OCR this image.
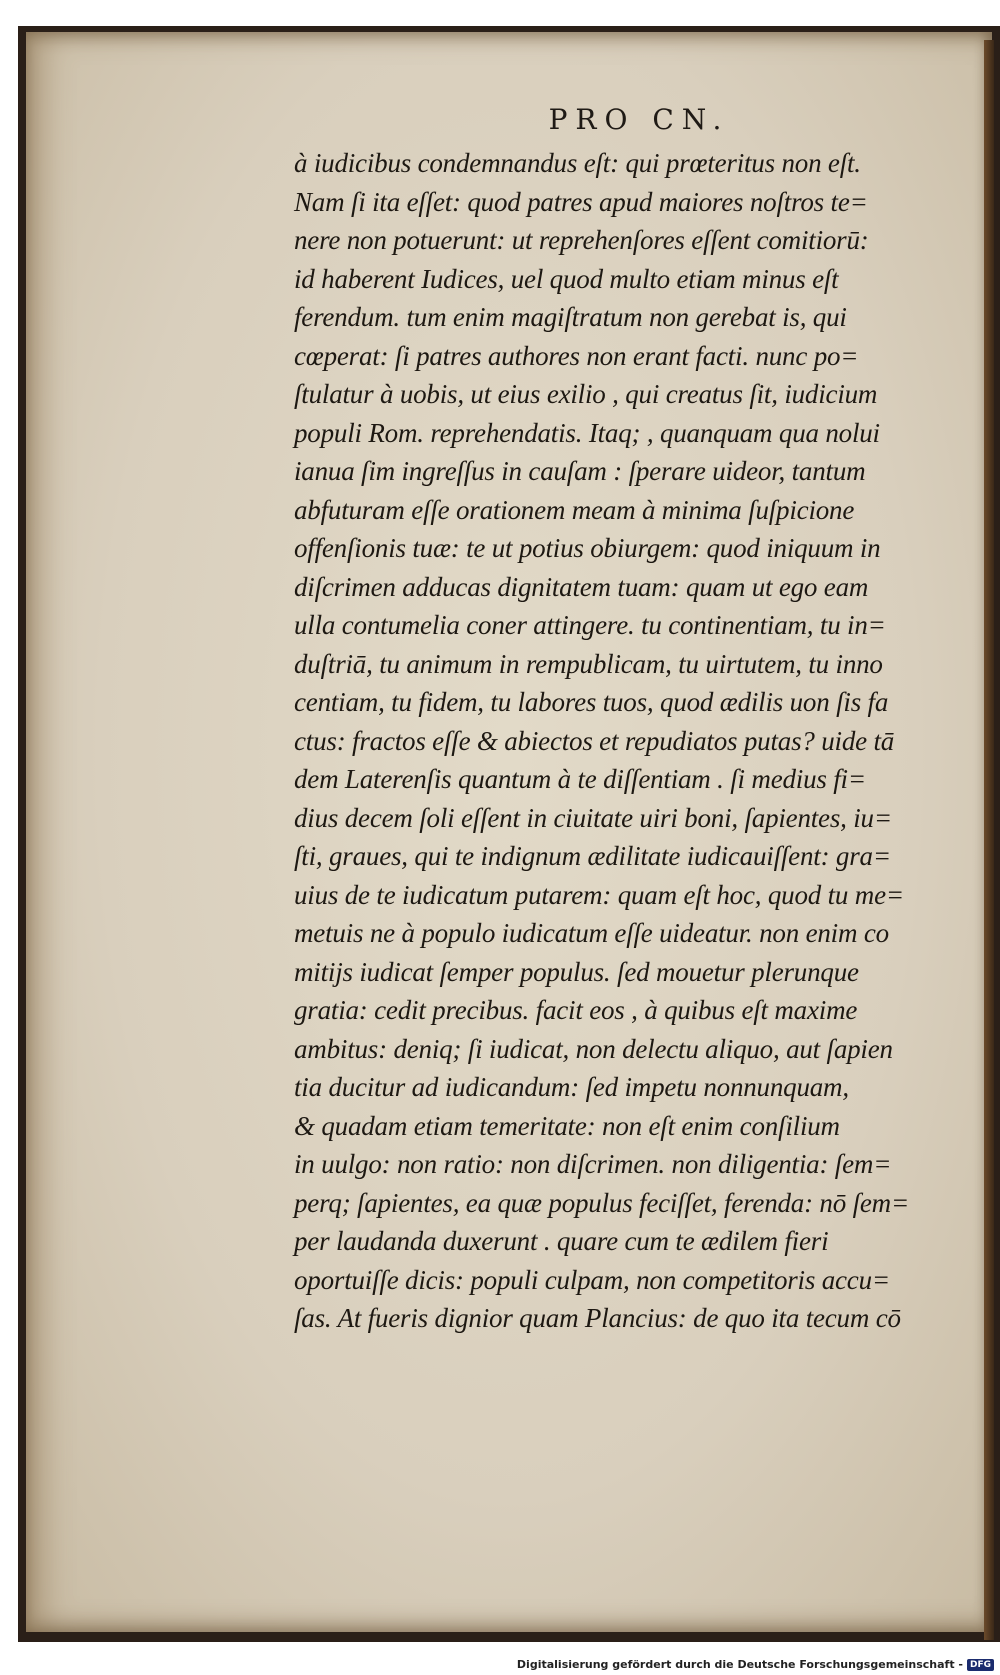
PRO CN.
à iudicibus condemnandus eſt: qui prœteritus non eſt.
Nam ſi ita eſſet: quod patres apud maiores noſtros te=
nere non potuerunt: ut reprehenſores eſſent comitiorū:
id haberent Iudices, uel quod multo etiam minus eſt
ferendum. tum enim magiſtratum non gerebat is, qui
cœperat: ſi patres authores non erant facti. nunc po=
ſtulatur à uobis, ut eius exilio , qui creatus ſit, iudicium
populi Rom. reprehendatis. Itaq; , quanquam qua nolui
ianua ſim ingreſſus in cauſam : ſperare uideor, tantum
abfuturam eſſe orationem meam à minima ſuſpicione
offenſionis tuæ: te ut potius obiurgem: quod iniquum in
diſcrimen adducas dignitatem tuam: quam ut ego eam
ulla contumelia coner attingere. tu continentiam, tu in=
duſtriā, tu animum in rempublicam, tu uirtutem, tu inno
centiam, tu fidem, tu labores tuos, quod ædilis uon ſis fa
ctus: fractos eſſe & abiectos et repudiatos putas? uide tā
dem Laterenſis quantum à te diſſentiam . ſi medius fi=
dius decem ſoli eſſent in ciuitate uiri boni, ſapientes, iu=
ſti, graues, qui te indignum ædilitate iudicauiſſent: gra=
uius de te iudicatum putarem: quam eſt hoc, quod tu me=
metuis ne à populo iudicatum eſſe uideatur. non enim co
mitijs iudicat ſemper populus. ſed mouetur plerunque
gratia: cedit precibus. facit eos , à quibus eſt maxime
ambitus: deniq; ſi iudicat, non delectu aliquo, aut ſapien
tia ducitur ad iudicandum: ſed impetu nonnunquam,
& quadam etiam temeritate: non eſt enim conſilium
in uulgo: non ratio: non diſcrimen. non diligentia: ſem=
perq; ſapientes, ea quæ populus feciſſet, ferenda: nō ſem=
per laudanda duxerunt . quare cum te ædilem fieri
oportuiſſe dicis: populi culpam, non competitoris accu=
ſas. At fueris dignior quam Plancius: de quo ita tecum cō
Digitalisierung gefördert durch die Deutsche Forschungsgemeinschaft - DFG
